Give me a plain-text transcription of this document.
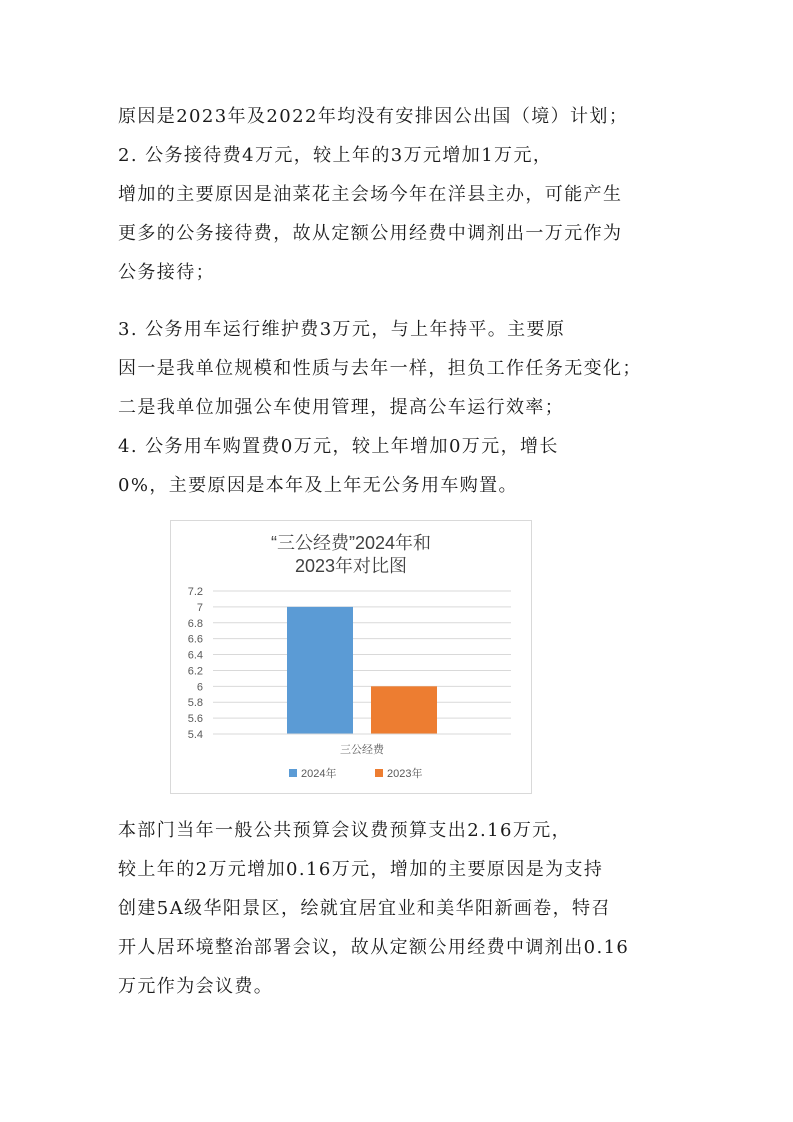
原因是2023年及2022年均没有安排因公出国（境）计划；
2. 公务接待费4万元，较上年的3万元增加1万元，
增加的主要原因是油菜花主会场今年在洋县主办，可能产生
更多的公务接待费，故从定额公用经费中调剂出一万元作为
公务接待；
3. 公务用车运行维护费3万元，与上年持平。主要原
因一是我单位规模和性质与去年一样，担负工作任务无变化；
二是我单位加强公车使用管理，提高公车运行效率；
4. 公务用车购置费0万元，较上年增加0万元，增长
0%，主要原因是本年及上年无公务用车购置。
“三公经费”2024年和
2023年对比图
7.2
7
6.8
6.6
6.4
6.2
6
5.8
5.6
5.4
三公经费
2024年	2023年
本部门当年一般公共预算会议费预算支出2.16万元，
较上年的2万元增加0.16万元，增加的主要原因是为支持
创建5A级华阳景区，绘就宜居宜业和美华阳新画卷，特召
开人居环境整治部署会议，故从定额公用经费中调剂出0.16
万元作为会议费。
